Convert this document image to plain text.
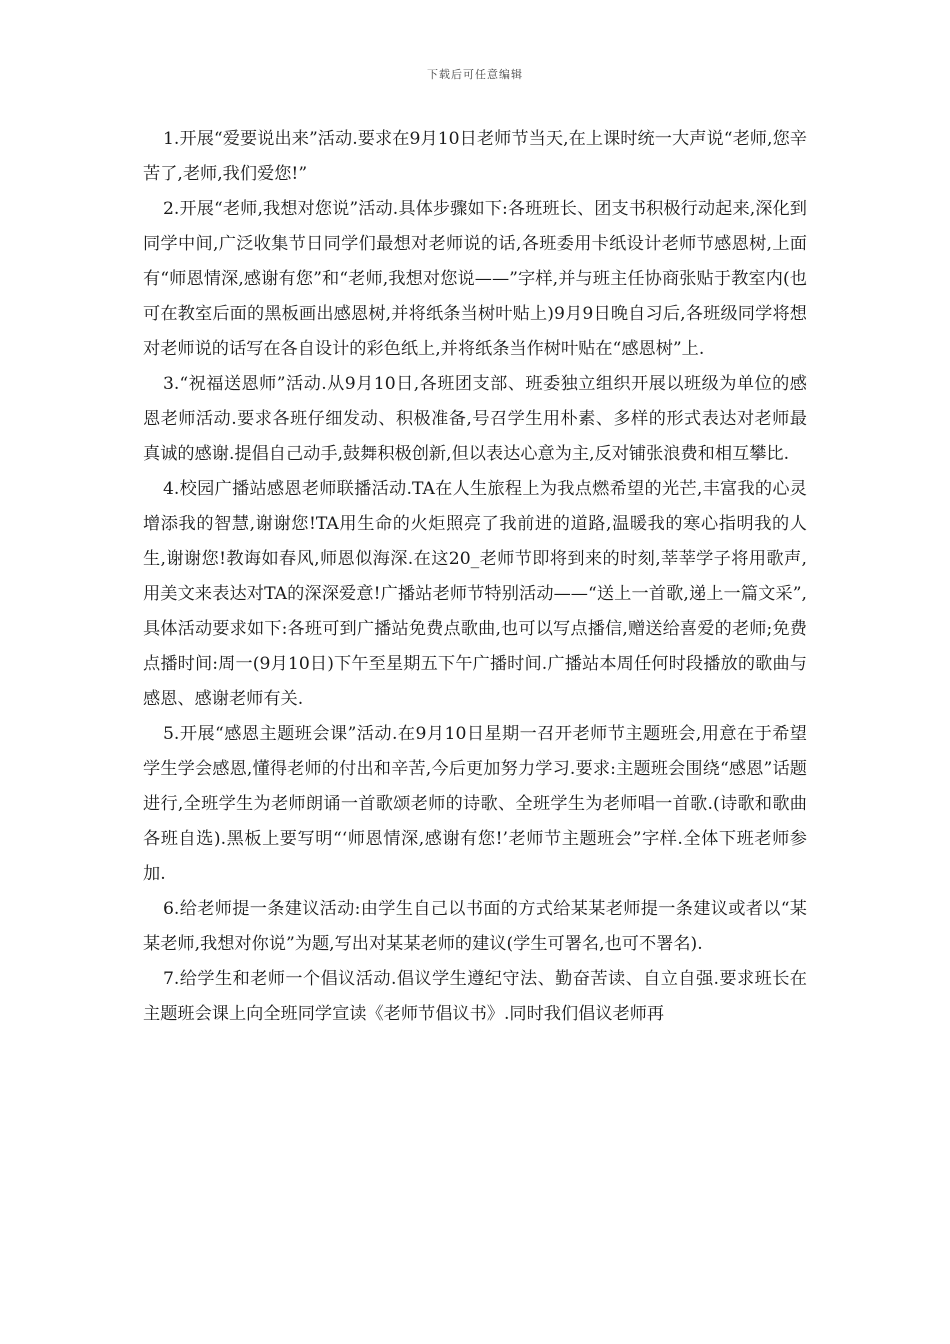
下载后可任意编辑

1.开展“爱要说出来”活动.要求在9月10日老师节当天,在上课时统一大声说“老师,您辛苦了,老师,我们爱您!”

2.开展“老师,我想对您说”活动.具体步骤如下:各班班长、团支书积极行动起来,深化到同学中间,广泛收集节日同学们最想对老师说的话,各班委用卡纸设计老师节感恩树,上面有“师恩情深,感谢有您”和“老师,我想对您说——”字样,并与班主任协商张贴于教室内(也可在教室后面的黑板画出感恩树,并将纸条当树叶贴上)9月9日晚自习后,各班级同学将想对老师说的话写在各自设计的彩色纸上,并将纸条当作树叶贴在“感恩树”上.

3.“祝福送恩师”活动.从9月10日,各班团支部、班委独立组织开展以班级为单位的感恩老师活动.要求各班仔细发动、积极准备,号召学生用朴素、多样的形式表达对老师最真诚的感谢.提倡自己动手,鼓舞积极创新,但以表达心意为主,反对铺张浪费和相互攀比.

4.校园广播站感恩老师联播活动.TA在人生旅程上为我点燃希望的光芒,丰富我的心灵增添我的智慧,谢谢您!TA用生命的火炬照亮了我前进的道路,温暖我的寒心指明我的人生,谢谢您!教诲如春风,师恩似海深.在这20_老师节即将到来的时刻,莘莘学子将用歌声,用美文来表达对TA的深深爱意!广播站老师节特别活动——“送上一首歌,递上一篇文采”,具体活动要求如下:各班可到广播站免费点歌曲,也可以写点播信,赠送给喜爱的老师;免费点播时间:周一(9月10日)下午至星期五下午广播时间.广播站本周任何时段播放的歌曲与感恩、感谢老师有关.

5.开展“感恩主题班会课”活动.在9月10日星期一召开老师节主题班会,用意在于希望学生学会感恩,懂得老师的付出和辛苦,今后更加努力学习.要求:主题班会围绕“感恩”话题进行,全班学生为老师朗诵一首歌颂老师的诗歌、全班学生为老师唱一首歌.(诗歌和歌曲各班自选).黑板上要写明“‘师恩情深,感谢有您!’老师节主题班会”字样.全体下班老师参加.

6.给老师提一条建议活动:由学生自己以书面的方式给某某老师提一条建议或者以“某某老师,我想对你说”为题,写出对某某老师的建议(学生可署名,也可不署名).

7.给学生和老师一个倡议活动.倡议学生遵纪守法、勤奋苦读、自立自强.要求班长在主题班会课上向全班同学宣读《老师节倡议书》.同时我们倡议老师再
